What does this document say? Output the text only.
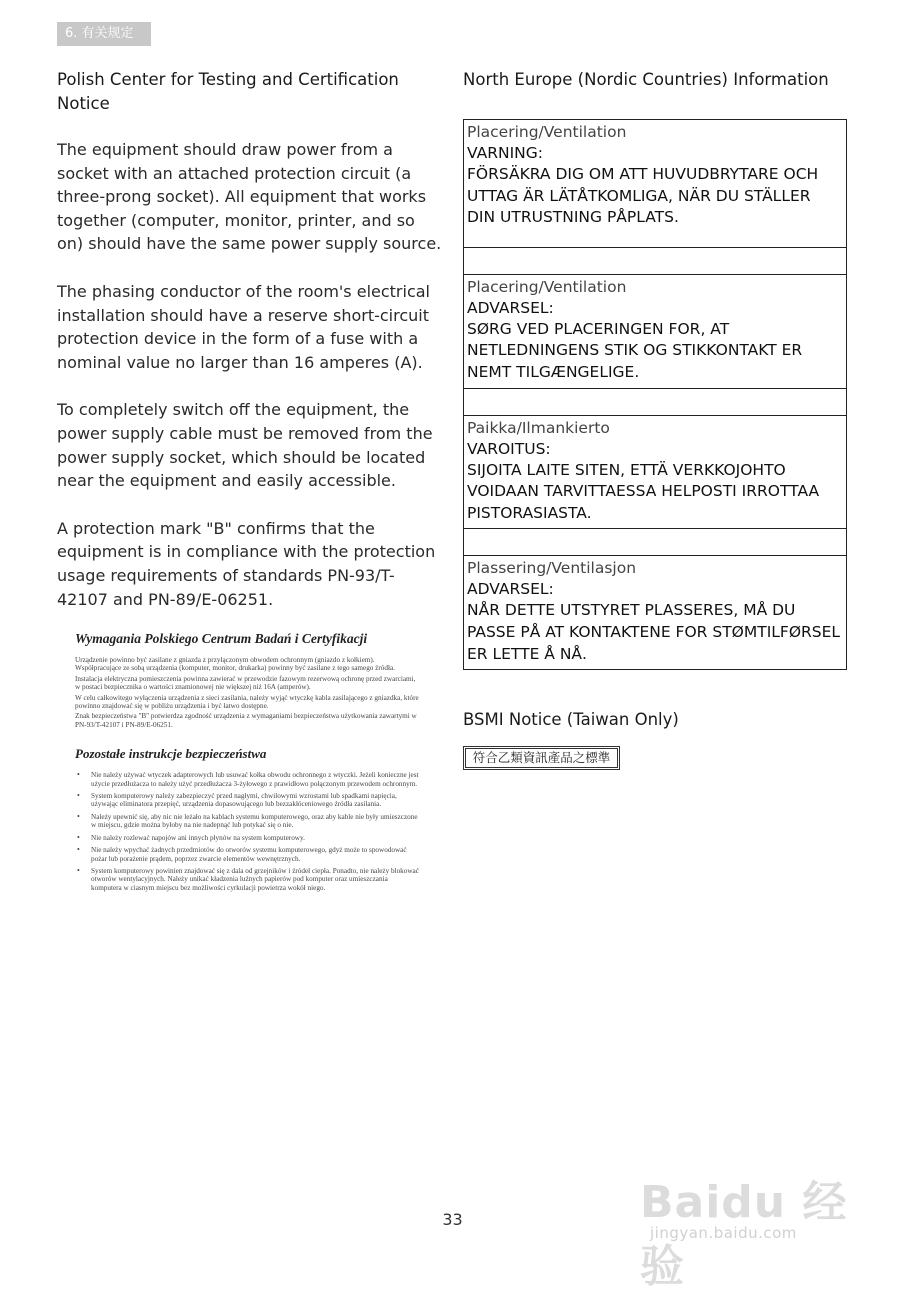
6. 有关规定
Polish Center for Testing and Certification Notice

The equipment should draw power from a socket with an attached protection circuit (a three-prong socket). All equipment that works together (computer, monitor, printer, and so on) should have the same power supply source.

The phasing conductor of the room's electrical installation should have a reserve short-circuit protection device in the form of a fuse with a nominal value no larger than 16 amperes (A).

To completely switch off the equipment, the power supply cable must be removed from the power supply socket, which should be located near the equipment and easily accessible.

A protection mark "B" confirms that the equipment is in compliance with the protection usage requirements of standards PN-93/T-42107 and PN-89/E-06251.

Wymagania Polskiego Centrum Badań i Certyfikacji

Urządzenie powinno być zasilane z gniazda z przyłączonym obwodem ochronnym (gniazdo z kołkiem). Współpracujące ze sobą urządzenia (komputer, monitor, drukarka) powinny być zasilane z tego samego źródła.

Instalacja elektryczna pomieszczenia powinna zawierać w przewodzie fazowym rezerwową ochronę przed zwarciami, w postaci bezpiecznika o wartości znamionowej nie większej niż 16A (amperów).

W celu całkowitego wyłączenia urządzenia z sieci zasilania, należy wyjąć wtyczkę kabla zasilającego z gniazdka, które powinno znajdować się w pobliżu urządzenia i być łatwo dostępne.

Znak bezpieczeństwa "B" potwierdza zgodność urządzenia z wymaganiami bezpieczeństwa użytkowania zawartymi w PN-93/T-42107 i PN-89/E-06251.

Pozostałe instrukcje bezpieczeństwa
• Nie należy używać wtyczek adapterowych lub usuwać kołka obwodu ochronnego z wtyczki. Jeżeli konieczne jest użycie przedłużacza to należy użyć przedłużacza 3-żyłowego z prawidłowo połączonym przewodem ochronnym.
• System komputerowy należy zabezpieczyć przed nagłymi, chwilowymi wzrostami lub spadkami napięcia, używając eliminatora przepięć, urządzenia dopasowującego lub bezzakłóceniowego źródła zasilania.
• Należy upewnić się, aby nic nie leżało na kablach systemu komputerowego, oraz aby kable nie były umieszczone w miejscu, gdzie można byłoby na nie nadepnąć lub potykać się o nie.
• Nie należy rozlewać napojów ani innych płynów na system komputerowy.
• Nie należy wpychać żadnych przedmiotów do otworów systemu komputerowego, gdyż może to spowodować pożar lub porażenie prądem, poprzez zwarcie elementów wewnętrznych.
• System komputerowy powinien znajdować się z dala od grzejników i źródeł ciepła. Ponadto, nie należy blokować otworów wentylacyjnych. Należy unikać kładzenia luźnych papierów pod komputer oraz umieszczania komputera w ciasnym miejscu bez możliwości cyrkulacji powietrza wokół niego.
North Europe (Nordic Countries) Information
Placering/Ventilation
VARNING:
FÖRSÄKRA DIG OM ATT HUVUDBRYTARE OCH UTTAG ÄR LÄTÅTKOMLIGA, NÄR DU STÄLLER DIN UTRUSTNING PÅPLATS.
Placering/Ventilation
ADVARSEL:
SØRG VED PLACERINGEN FOR, AT NETLEDNINGENS STIK OG STIKKONTAKT ER NEMT TILGÆNGELIGE.
Paikka/Ilmankierto
VAROITUS:
SIJOITA LAITE SITEN, ETTÄ VERKKOJOHTO VOIDAAN TARVITTAESSA HELPOSTI IRROTTAA PISTORASIASTA.
Plassering/Ventilasjon
ADVARSEL:
NÅR DETTE UTSTYRET PLASSERES, MÅ DU PASSE PÅ AT KONTAKTENE FOR STØMTILFØRSEL ER LETTE Å NÅ.
BSMI Notice (Taiwan Only)
符合乙類資訊產品之標準
33	Baidu 经验
jingyan.baidu.com
